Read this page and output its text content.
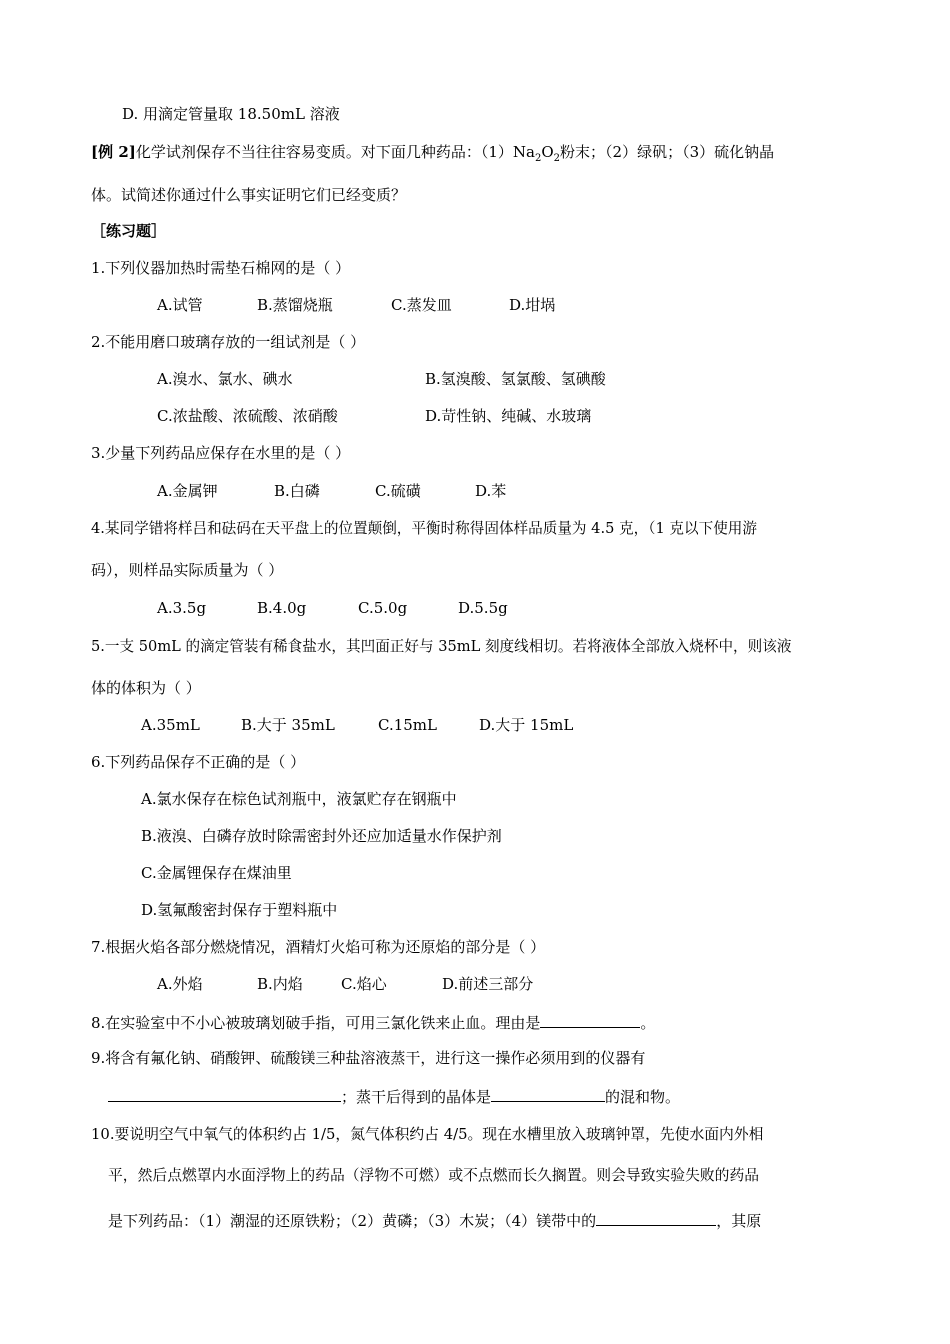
D. 用滴定管量取 18.50mL 溶液
[例 2]化学试剂保存不当往往容易变质。对下面几种药品：$(1)Na_2O_2$粉末；（2）绿矾；（3）硫化钠晶
体。试简述你通过什么事实证明它们已经变质？
［练习题］
1.下列仪器加热时需垫石棉网的是（ ）
A.试管	B.蒸馏烧瓶	C.蒸发皿	D.坩埚
2.不能用磨口玻璃存放的一组试剂是（ ）
A.溴水、氯水、碘水	B.氢溴酸、氢氯酸、氢碘酸
C.浓盐酸、浓硫酸、浓硝酸	D.苛性钠、纯碱、水玻璃
3.少量下列药品应保存在水里的是（ ）
A.金属钾	B.白磷	C.硫磺	D.苯
4.某同学错将样吕和砝码在天平盘上的位置颠倒，平衡时称得固体样品质量为 4.5 克，（1 克以下使用游
码），则样品实际质量为（ ）
A.3.5g	B.4.0g	C.5.0g	D.5.5g
5.一支 50mL 的滴定管装有稀食盐水，其凹面正好与 35mL 刻度线相切。若将液体全部放入烧杯中，则该液
体的体积为（ ）
A.35mL	B.大于 35mL	C.15mL	D.大于 15mL
6.下列药品保存不正确的是（ ）
A.氯水保存在棕色试剂瓶中，液氯贮存在钢瓶中
B.液溴、白磷存放时除需密封外还应加适量水作保护剂
C.金属锂保存在煤油里
D.氢氟酸密封保存于塑料瓶中
7.根据火焰各部分燃烧情况，酒精灯火焰可称为还原焰的部分是（ ）
A.外焰	B.内焰	C.焰心	D.前述三部分
8.在实验室中不小心被玻璃划破手指，可用三氯化铁来止血。理由是	。
9.将含有氟化钠、硝酸钾、硫酸镁三种盐溶液蒸干，进行这一操作必须用到的仪器有
；蒸干后得到的晶体是	的混和物。
10.要说明空气中氧气的体积约占 1/5，氮气体积约占 4/5。现在水槽里放入玻璃钟罩，先使水面内外相
平，然后点燃罩内水面浮物上的药品（浮物不可燃）或不点燃而长久搁置。则会导致实验失败的药品
是下列药品：（1）潮湿的还原铁粉；（2）黄磷；（3）木炭；（4）镁带中的	，其原
